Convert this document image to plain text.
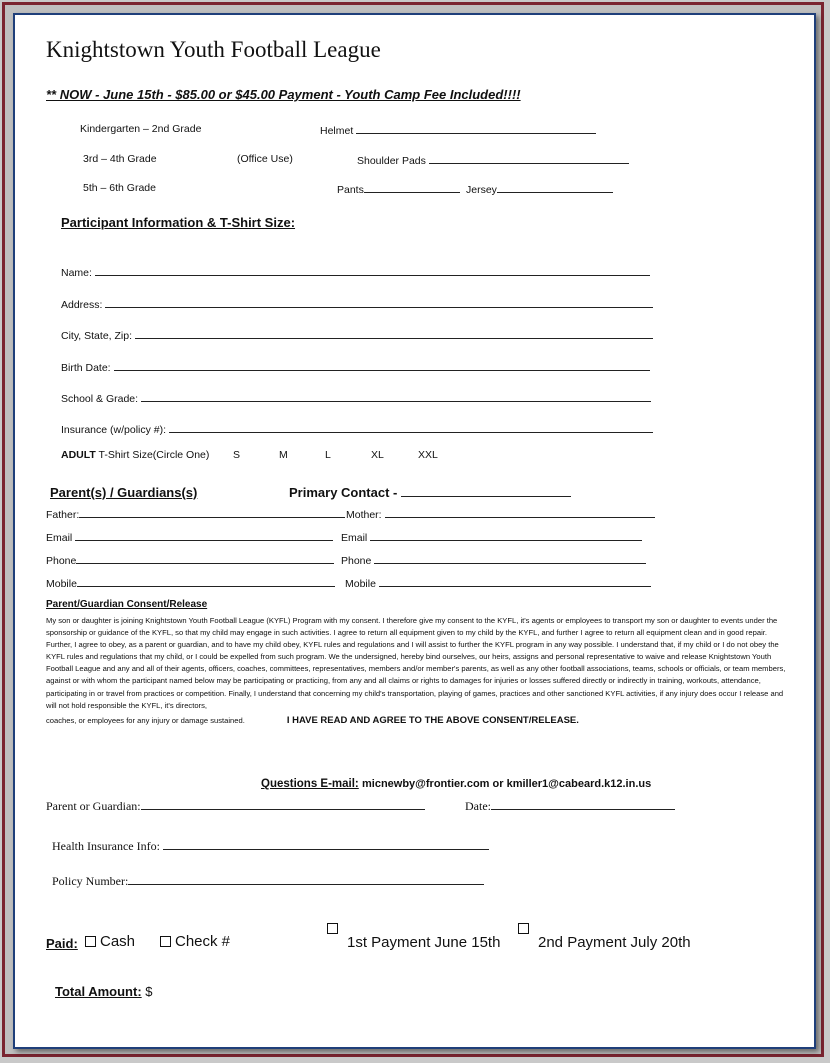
Knightstown Youth Football League
** NOW - June 15th - $85.00 or $45.00 Payment - Youth Camp Fee Included!!!!
Kindergarten – 2nd Grade
3rd – 4th Grade
5th – 6th Grade
(Office Use)
Helmet
Shoulder Pads
Pants	Jersey
Participant Information & T-Shirt Size:
Name:
Address:
City, State, Zip:
Birth Date:
School & Grade:
Insurance (w/policy #):
ADULT T-Shirt Size(Circle One) S	M	L	XL	XXL
Parent(s) / Guardians(s)	Primary Contact -
Father:	Mother:
Email	Email
Phone	Phone
Mobile	Mobile
Parent/Guardian Consent/Release

My son or daughter is joining Knightstown Youth Football League (KYFL) Program with my consent. I therefore give my consent to the KYFL, it's agents or employees to transport my son or daughter to events under the sponsorship or guidance of the KYFL, so that my child may engage in such activities. I agree to return all equipment given to my child by the KYFL, and further I agree to return all equipment clean and in good repair. Further, I agree to obey, as a parent or guardian, and to have my child obey, KYFL rules and regulations and I will assist to further the KYFL program in any way possible. I understand that, if my child or I do not obey the KYFL rules and regulations that my child, or I could be expelled from such program. We the undersigned, hereby bind ourselves, our heirs, assigns and personal representative to waive and release Knightstown Youth Football League and any and all of their agents, officers, coaches, committees, representatives, members and/or member's parents, as well as any other football associations, teams, schools or officials, or team members, against or with whom the participant named below may be participating or practicing, from any and all claims or rights to damages for injuries or losses suffered directly or indirectly in training, workouts, attendance, participating in or travel from practices or competition. Finally, I understand that concerning my child's transportation, playing of games, practices and other sanctioned KYFL activities, if any injury does occur I release and will not hold responsible the KYFL, it's directors,

coaches, or employees for any injury or damage sustained.	I HAVE READ AND AGREE TO THE ABOVE CONSENT/RELEASE.

Questions E-mail: micnewby@frontier.com or kmiller1@cabeard.k12.in.us
Parent or Guardian:	Date:
Health Insurance Info:
Policy Number:
Paid:	Cash	Check #	1st Payment June 15th	2nd Payment July 20th
Total Amount: $
